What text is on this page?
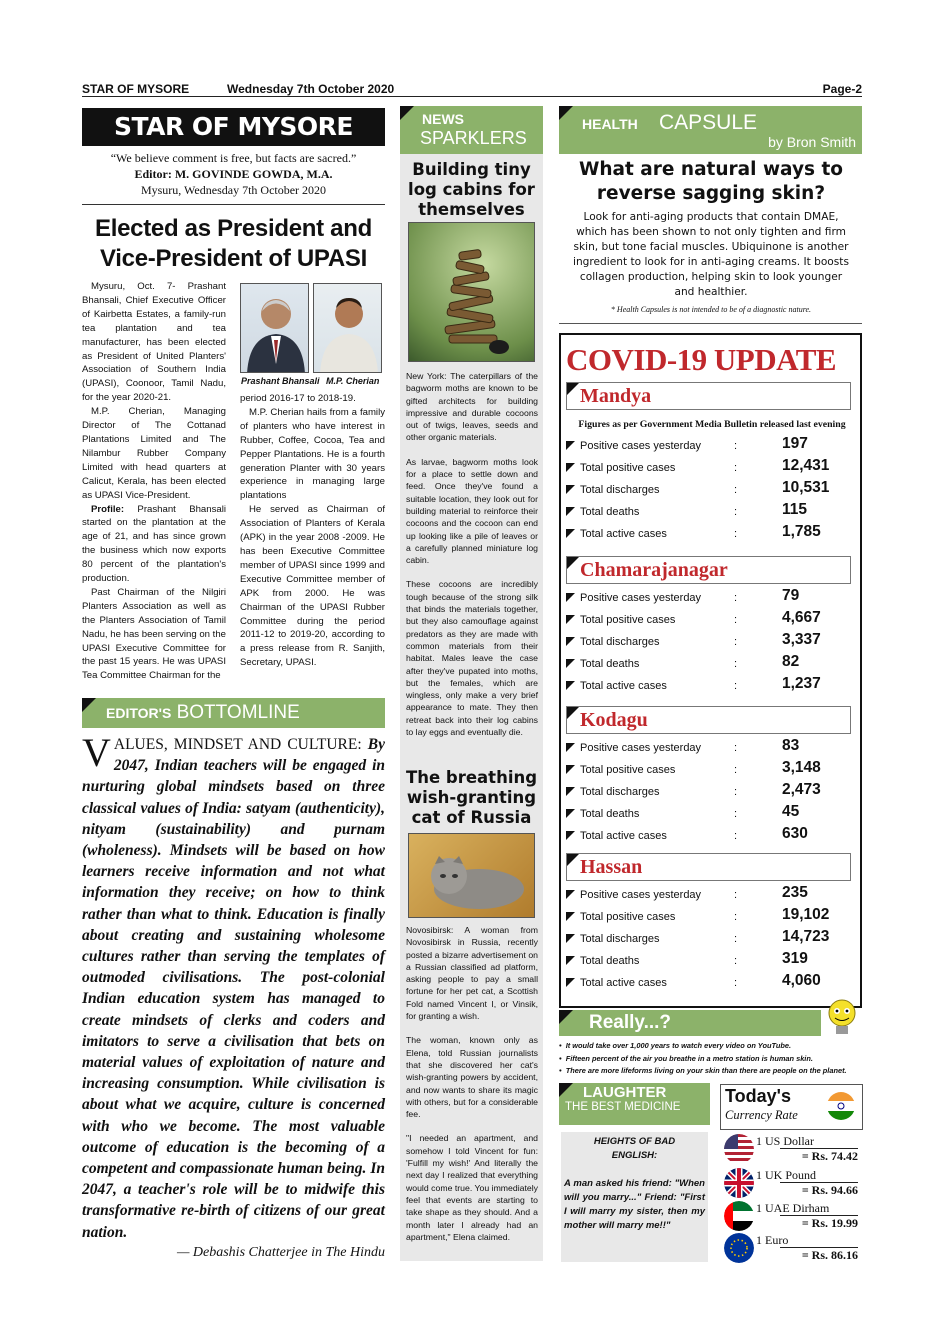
STAR OF MYSORE	Wednesday 7th October 2020	Page-2
STAR OF MYSORE
“We believe comment is free, but facts are sacred.”
Editor: M. GOVINDE GOWDA, M.A.
Mysuru, Wednesday 7th October 2020
Elected as President and Vice-President of UPASI

Mysuru, Oct. 7- Prashant Bhansali, Chief Executive Officer of Kairbetta Estates, a family-run tea plantation and tea manufacturer, has been elected as President of United Planters' Association of Southern India (UPASI), Coonoor, Tamil Nadu, for the year 2020-21.

M.P. Cherian, Managing Director of The Cottanad Plantations Limited and The Nilambur Rubber Company Limited with head quarters at Calicut, Kerala, has been elected as UPASI Vice-President.

Profile: Prashant Bhansali started on the plantation at the age of 21, and has since grown the business which now exports 80 percent of the plantation's production.

Past Chairman of the Nilgiri Planters Association as well as the Planters Association of Tamil Nadu, he has been serving on the UPASI Executive Committee for the past 15 years. He was UPASI Tea Committee Chairman for the

Prashant Bhansali M.P. Cherian

period 2016-17 to 2018-19.

M.P. Cherian hails from a family of planters who have interest in Rubber, Coffee, Cocoa, Tea and Pepper Plantations. He is a fourth generation Planter with 30 years experience in managing large plantations

He served as Chairman of Association of Planters of Kerala (APK) in the year 2008 -2009. He has been Executive Committee member of UPASI since 1999 and Executive Committee member of APK from 2000. He was Chairman of the UPASI Rubber Committee during the period 2011-12 to 2019-20, according to a press release from R. Sanjith, Secretary, UPASI.

EDITOR'S BOTTOMLINE
VALUES, MINDSET AND CULTURE: By 2047, Indian teachers will be engaged in nurturing global mindsets based on three classical values of India: satyam (authenticity), nityam (sustainability) and purnam (wholeness). Mindsets will be based on how learners receive information and not what information they receive; on how to think rather than what to think. Education is finally about creating and sustaining wholesome cultures rather than serving the templates of outmoded civilisations. The post-colonial Indian education system has managed to create mindsets of clerks and coders and imitators to serve a civilisation that bets on material values of exploitation of nature and increasing consumption. While civilisation is about what we acquire, culture is concerned with who we become. The most valuable outcome of education is the becoming of a competent and compassionate human being. In 2047, a teacher's role will be to midwife this transformative re-birth of citizens of our great nation.
— Debashis Chatterjee in The Hindu
NEWS
SPARKLERS
Building tiny log cabins for themselves

New York: The caterpillars of the bagworm moths are known to be gifted architects for building impressive and durable cocoons out of twigs, leaves, seeds and other organic materials.

As larvae, bagworm moths look for a place to settle down and feed. Once they've found a suitable location, they look out for building material to reinforce their cocoons and the cocoon can end up looking like a pile of leaves or a carefully planned miniature log cabin.

These cocoons are incredibly tough because of the strong silk that binds the materials together, but they also camouflage against predators as they are made with common materials from their habitat. Males leave the case after they've pupated into moths, but the females, which are wingless, only make a very brief appearance to mate. They then retreat back into their log cabins to lay eggs and eventually die.

The breathing wish-granting cat of Russia

Novosibirsk: A woman from Novosibirsk in Russia, recently posted a bizarre advertisement on a Russian classified ad platform, asking people to pay a small fortune for her pet cat, a Scottish Fold named Vincent I, or Vinsik, for granting a wish.

The woman, known only as Elena, told Russian journalists that she discovered her cat's wish-granting powers by accident, and now wants to share its magic with others, but for a considerable fee.

"I needed an apartment, and somehow I told Vincent for fun: 'Fulfill my wish!' And literally the next day I realized that everything would come true. You immediately feel that events are starting to take shape as they should. And a month later I already had an apartment," Elena claimed.

HEALTH CAPSULE
by Bron Smith
What are natural ways to reverse sagging skin?
Look for anti-aging products that contain DMAE, which has been shown to not only tighten and firm skin, but tone facial muscles. Ubiquinone is another ingredient to look for in anti-aging creams. It boosts collagen production, helping skin to look younger and healthier.
* Health Capsules is not intended to be of a diagnostic nature.
COVID-19 UPDATE
Figures as per Government Media Bulletin released last evening
Mandya
Positive cases yesterday	:	197
Total positive cases	:	12,431
Total discharges	:	10,531
Total deaths	:	115
Total active cases	:	1,785
Chamarajanagar
Positive cases yesterday	:	79
Total positive cases	:	4,667
Total discharges	:	3,337
Total deaths	:	82
Total active cases	:	1,237
Kodagu
Positive cases yesterday	:	83
Total positive cases	:	3,148
Total discharges	:	2,473
Total deaths	:	45
Total active cases	:	630
Hassan
Positive cases yesterday	:	235
Total positive cases	:	19,102
Total discharges	:	14,723
Total deaths	:	319
Total active cases	:	4,060
Really...?
•  It would take over 1,000 years to watch every video on YouTube.
•  Fifteen percent of the air you breathe in a metro station is human skin.
•  There are more lifeforms living on your skin than there are people on the planet.
LAUGHTER
THE BEST MEDICINE
HEIGHTS OF BAD ENGLISH:
A man asked his friend: "When will you marry..." Friend: "First I will marry my sister, then my mother will marry me!!"
Today's
Currency Rate
1 US Dollar
= Rs. 74.42
1 UK Pound
= Rs. 94.66
1 UAE Dirham
= Rs. 19.99
1 Euro
= Rs. 86.16
